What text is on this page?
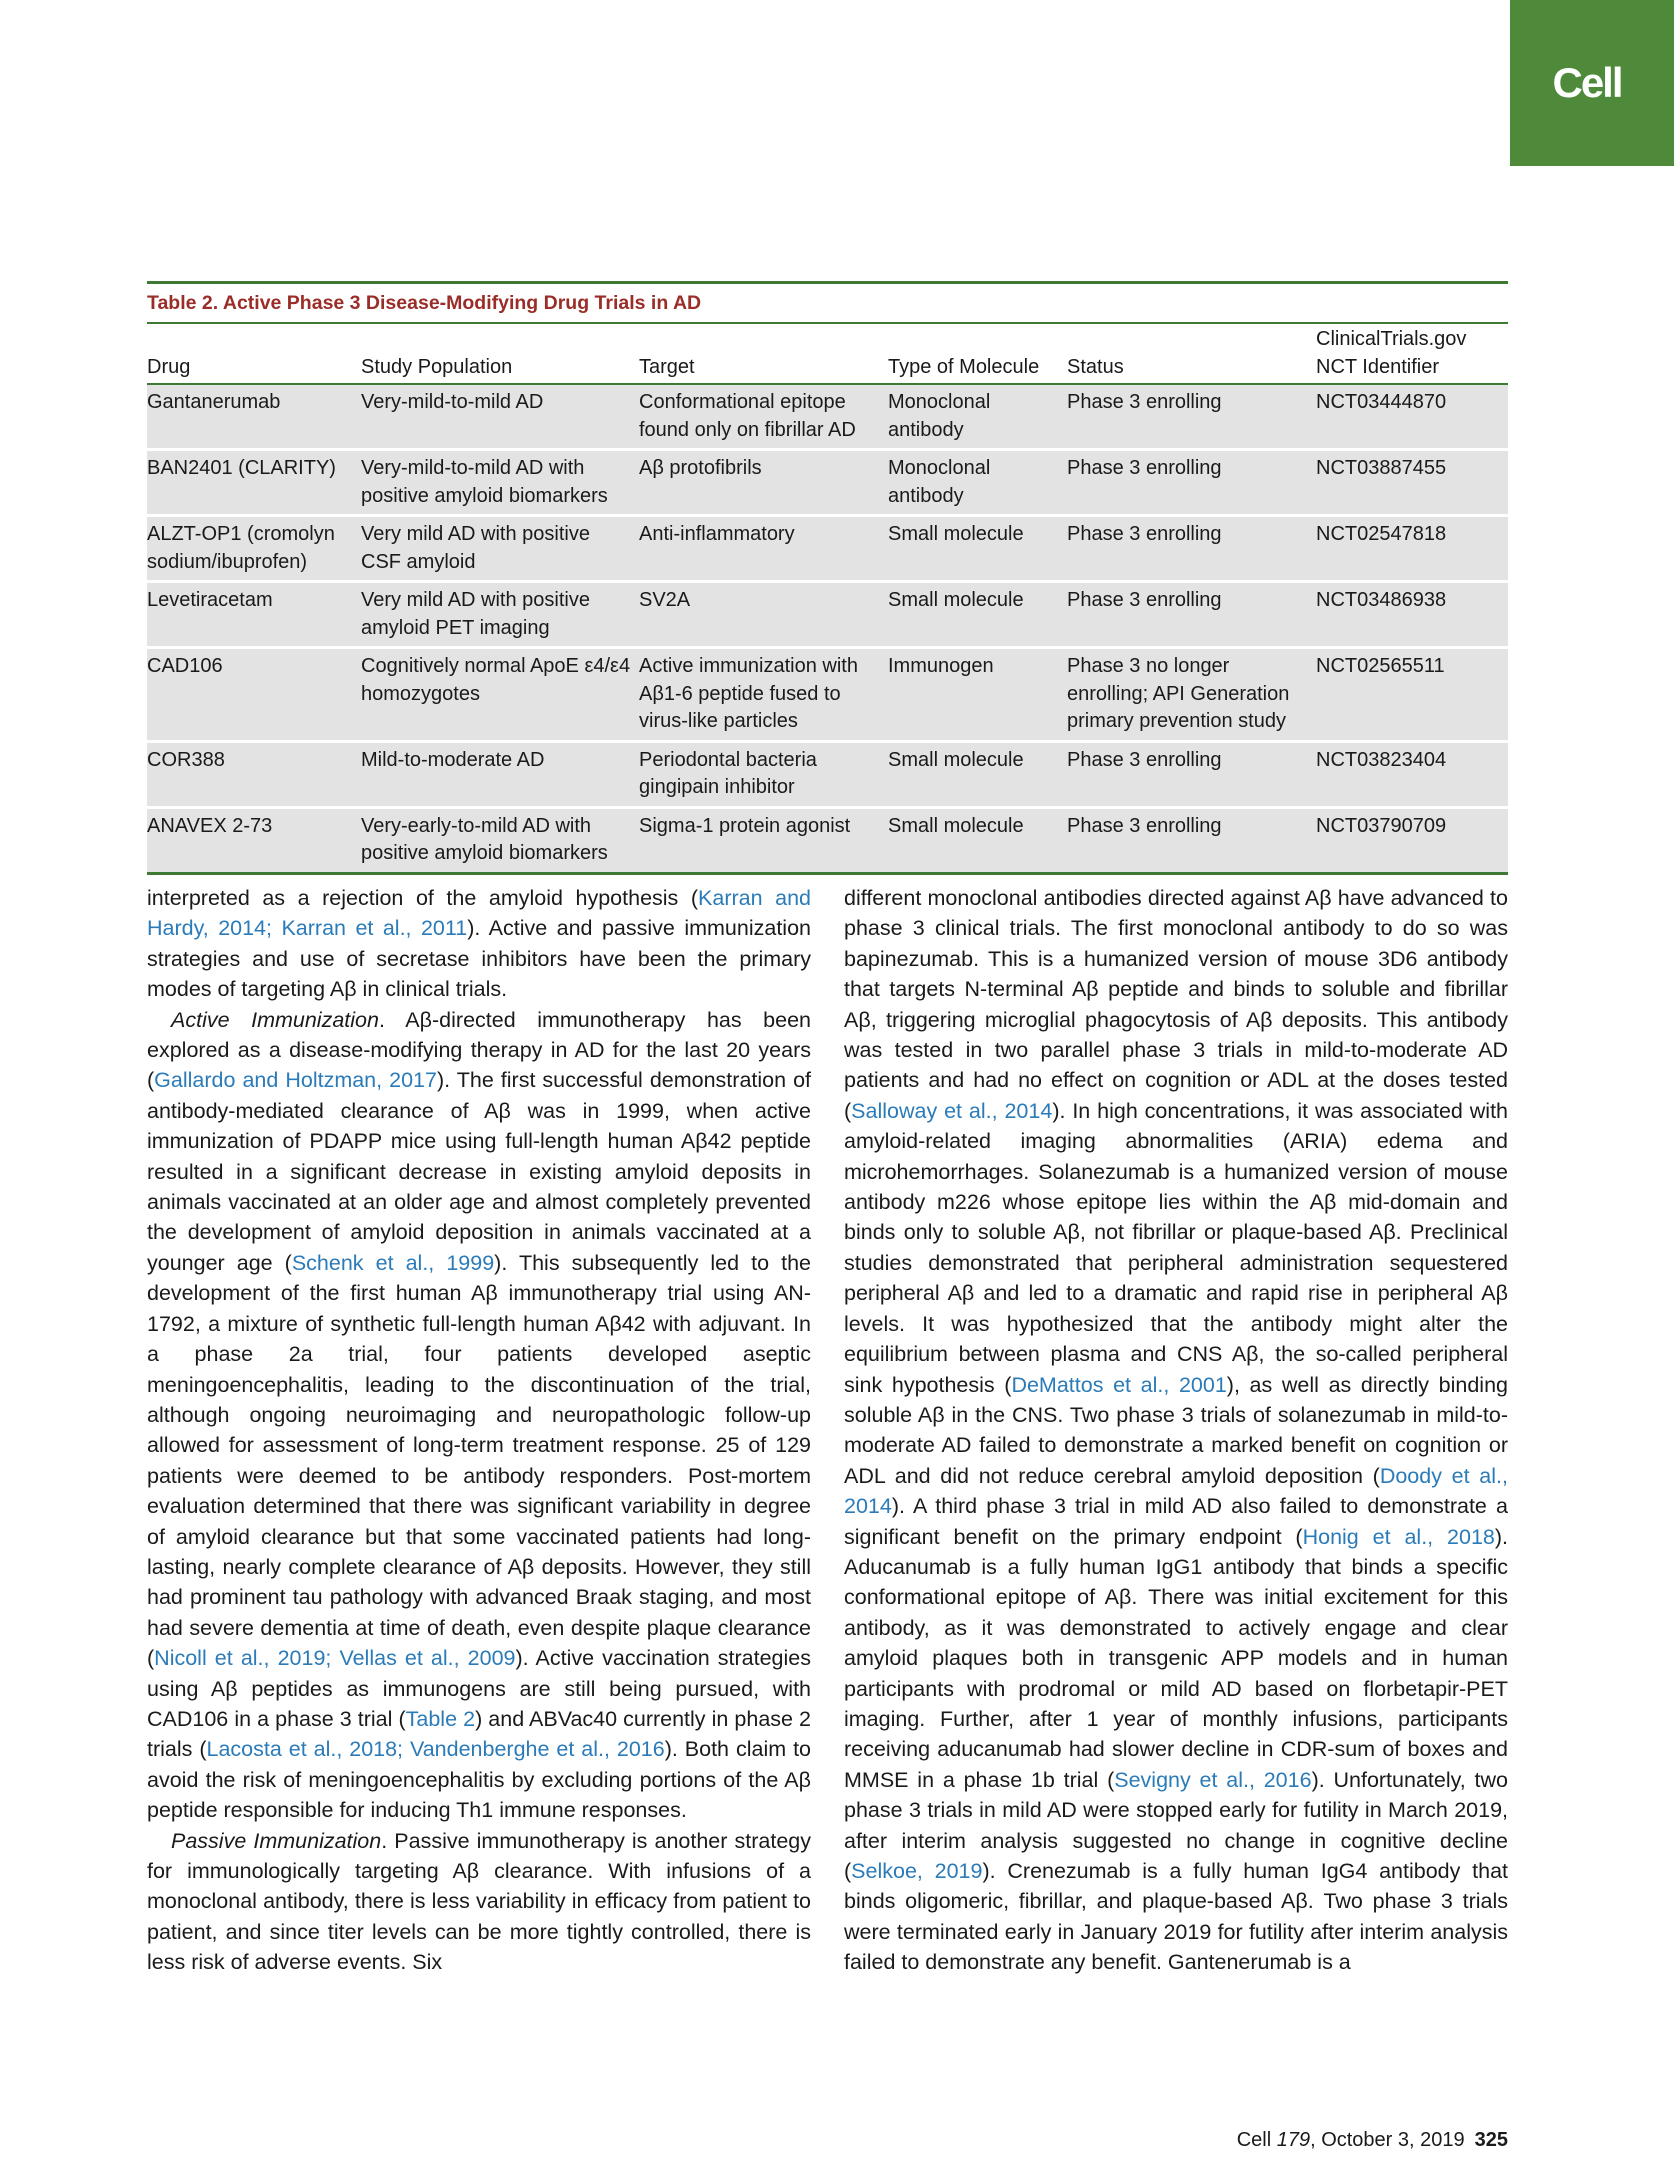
Cell
Table 2. Active Phase 3 Disease-Modifying Drug Trials in AD
Drug	Study Population	Target	Type of Molecule	Status	ClinicalTrials.gov
NCT Identifier
Gantanerumab	Very-mild-to-mild AD	Conformational epitope found only on fibrillar AD	Monoclonal antibody	Phase 3 enrolling	NCT03444870
BAN2401 (CLARITY)	Very-mild-to-mild AD with positive amyloid biomarkers	Aβ protofibrils	Monoclonal antibody	Phase 3 enrolling	NCT03887455
ALZT-OP1 (cromolyn sodium/ibuprofen)	Very mild AD with positive CSF amyloid	Anti-inflammatory	Small molecule	Phase 3 enrolling	NCT02547818
Levetiracetam	Very mild AD with positive amyloid PET imaging	SV2A	Small molecule	Phase 3 enrolling	NCT03486938
CAD106	Cognitively normal ApoE ε4/ε4 homozygotes	Active immunization with Aβ1-6 peptide fused to virus-like particles	Immunogen	Phase 3 no longer enrolling; API Generation primary prevention study	NCT02565511
COR388	Mild-to-moderate AD	Periodontal bacteria gingipain inhibitor	Small molecule	Phase 3 enrolling	NCT03823404
ANAVEX 2-73	Very-early-to-mild AD with positive amyloid biomarkers	Sigma-1 protein agonist	Small molecule	Phase 3 enrolling	NCT03790709

interpreted as a rejection of the amyloid hypothesis (Karran and Hardy, 2014; Karran et al., 2011). Active and passive immunization strategies and use of secretase inhibitors have been the primary modes of targeting Aβ in clinical trials.

Active Immunization. Aβ-directed immunotherapy has been explored as a disease-modifying therapy in AD for the last 20 years (Gallardo and Holtzman, 2017). The first successful demonstration of antibody-mediated clearance of Aβ was in 1999, when active immunization of PDAPP mice using full-length human Aβ42 peptide resulted in a significant decrease in existing amyloid deposits in animals vaccinated at an older age and almost completely prevented the development of amyloid deposition in animals vaccinated at a younger age (Schenk et al., 1999). This subsequently led to the development of the first human Aβ immunotherapy trial using AN-1792, a mixture of synthetic full-length human Aβ42 with adjuvant. In a phase 2a trial, four patients developed aseptic meningoencephalitis, leading to the discontinuation of the trial, although ongoing neuroimaging and neuropathologic follow-up allowed for assessment of long-term treatment response. 25 of 129 patients were deemed to be antibody responders. Post-mortem evaluation determined that there was significant variability in degree of amyloid clearance but that some vaccinated patients had long-lasting, nearly complete clearance of Aβ deposits. However, they still had prominent tau pathology with advanced Braak staging, and most had severe dementia at time of death, even despite plaque clearance (Nicoll et al., 2019; Vellas et al., 2009). Active vaccination strategies using Aβ peptides as immunogens are still being pursued, with CAD106 in a phase 3 trial (Table 2) and ABVac40 currently in phase 2 trials (Lacosta et al., 2018; Vandenberghe et al., 2016). Both claim to avoid the risk of meningoencephalitis by excluding portions of the Aβ peptide responsible for inducing Th1 immune responses.

Passive Immunization. Passive immunotherapy is another strategy for immunologically targeting Aβ clearance. With infusions of a monoclonal antibody, there is less variability in efficacy from patient to patient, and since titer levels can be more tightly controlled, there is less risk of adverse events. Six

different monoclonal antibodies directed against Aβ have advanced to phase 3 clinical trials. The first monoclonal antibody to do so was bapinezumab. This is a humanized version of mouse 3D6 antibody that targets N-terminal Aβ peptide and binds to soluble and fibrillar Aβ, triggering microglial phagocytosis of Aβ deposits. This antibody was tested in two parallel phase 3 trials in mild-to-moderate AD patients and had no effect on cognition or ADL at the doses tested (Salloway et al., 2014). In high concentrations, it was associated with amyloid-related imaging abnormalities (ARIA) edema and microhemorrhages. Solanezumab is a humanized version of mouse antibody m226 whose epitope lies within the Aβ mid-domain and binds only to soluble Aβ, not fibrillar or plaque-based Aβ. Preclinical studies demonstrated that peripheral administration sequestered peripheral Aβ and led to a dramatic and rapid rise in peripheral Aβ levels. It was hypothesized that the antibody might alter the equilibrium between plasma and CNS Aβ, the so-called peripheral sink hypothesis (DeMattos et al., 2001), as well as directly binding soluble Aβ in the CNS. Two phase 3 trials of solanezumab in mild-to-moderate AD failed to demonstrate a marked benefit on cognition or ADL and did not reduce cerebral amyloid deposition (Doody et al., 2014). A third phase 3 trial in mild AD also failed to demonstrate a significant benefit on the primary endpoint (Honig et al., 2018). Aducanumab is a fully human IgG1 antibody that binds a specific conformational epitope of Aβ. There was initial excitement for this antibody, as it was demonstrated to actively engage and clear amyloid plaques both in transgenic APP models and in human participants with prodromal or mild AD based on florbetapir-PET imaging. Further, after 1 year of monthly infusions, participants receiving aducanumab had slower decline in CDR-sum of boxes and MMSE in a phase 1b trial (Sevigny et al., 2016). Unfortunately, two phase 3 trials in mild AD were stopped early for futility in March 2019, after interim analysis suggested no change in cognitive decline (Selkoe, 2019). Crenezumab is a fully human IgG4 antibody that binds oligomeric, fibrillar, and plaque-based Aβ. Two phase 3 trials were terminated early in January 2019 for futility after interim analysis failed to demonstrate any benefit. Gantenerumab is a

Cell 179, October 3, 2019 325
